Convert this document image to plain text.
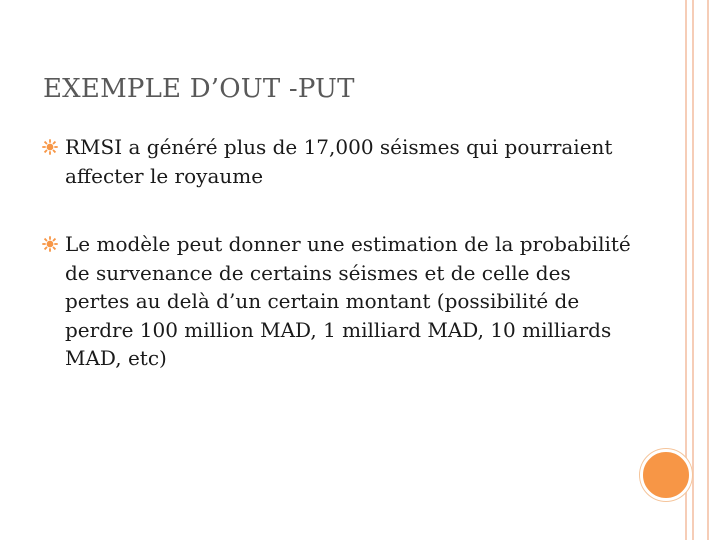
EXEMPLE D’OUT -PUT

RMSI a généré plus de 17,000 séismes qui pourraient affecter le royaume

Le modèle peut donner une estimation de la probabilité de survenance de certains séismes et de celle des pertes au delà d’un certain montant (possibilité de perdre 100 million MAD, 1 milliard MAD, 10 milliards MAD, etc)
